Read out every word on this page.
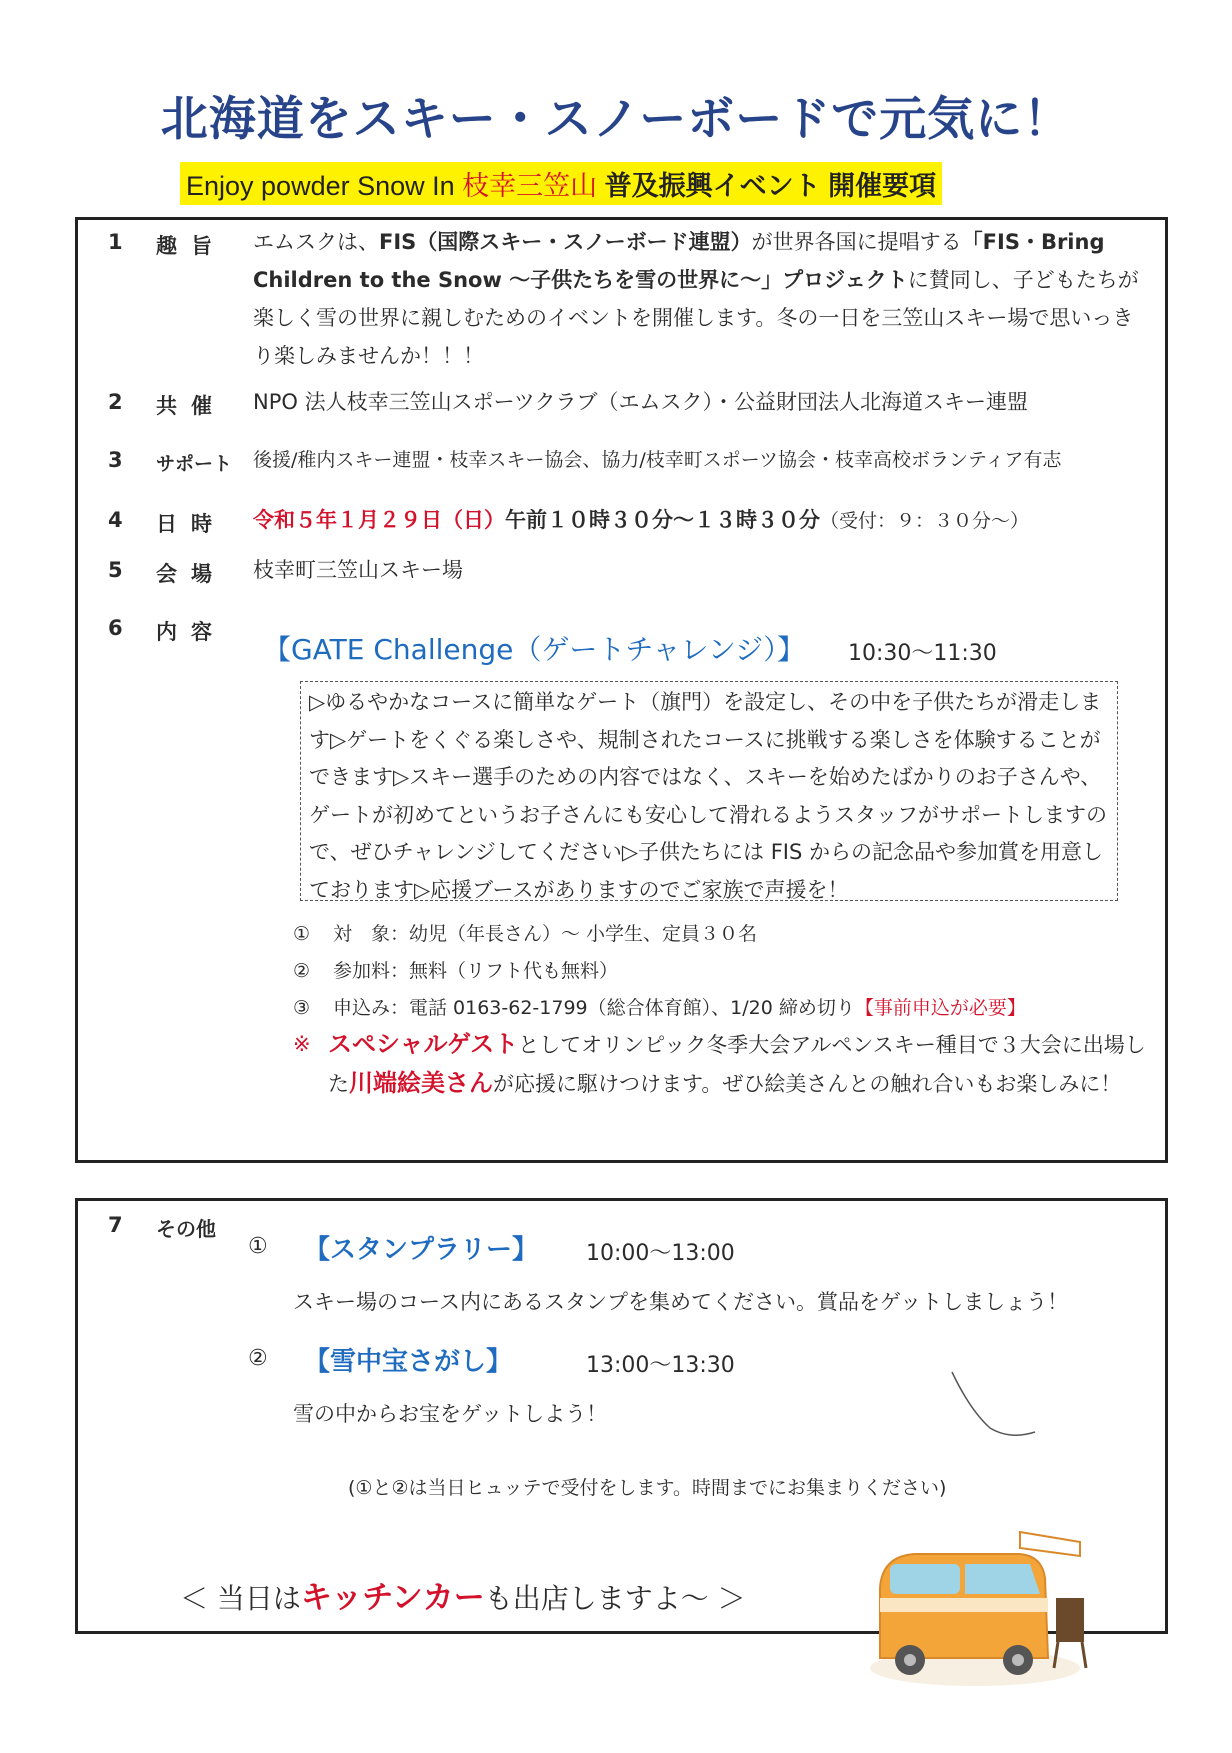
北海道をスキー・スノーボードで元気に！
Enjoy powder Snow In 枝幸三笠山 普及振興イベント 開催要項
1 趣旨	エムスクは、FIS（国際スキー・スノーボード連盟）が世界各国に提唱する「FIS・Bring Children to the Snow ～子供たちを雪の世界に～」プロジェクトに賛同し、子どもたちが楽しく雪の世界に親しむためのイベントを開催します。冬の一日を三笠山スキー場で思いっきり楽しみませんか！！！
2 共催	NPO 法人枝幸三笠山スポーツクラブ（エムスク）・公益財団法人北海道スキー連盟
3 サポート	後援/稚内スキー連盟・枝幸スキー協会、協力/枝幸町スポーツ協会・枝幸高校ボランティア有志
4 日時	令和５年１月２９日（日）午前１０時３０分～１３時３０分（受付：９：３０分～）
5 会場	枝幸町三笠山スキー場
6 内容
【GATE Challenge（ゲートチャレンジ）】 10:30～11:30
▷ゆるやかなコースに簡単なゲート（旗門）を設定し、その中を子供たちが滑走します▷ゲートをくぐる楽しさや、規制されたコースに挑戦する楽しさを体験することができます▷スキー選手のための内容ではなく、スキーを始めたばかりのお子さんや、ゲートが初めてというお子さんにも安心して滑れるようスタッフがサポートしますので、ぜひチャレンジしてください▷子供たちには FIS からの記念品や参加賞を用意しております▷応援ブースがありますのでご家族で声援を！
① 対　象：幼児（年長さん）～ 小学生、定員３０名
② 参加料：無料（リフト代も無料）
③ 申込み：電話 0163-62-1799（総合体育館）、1/20 締め切り【事前申込が必要】
※ スペシャルゲストとしてオリンピック冬季大会アルペンスキー種目で３大会に出場した川端絵美さんが応援に駆けつけます。ぜひ絵美さんとの触れ合いもお楽しみに！
7 その他
① 【スタンプラリー】 10:00～13:00
スキー場のコース内にあるスタンプを集めてください。賞品をゲットしましょう！
② 【雪中宝さがし】	13:00～13:30
雪の中からお宝をゲットしよう！
(①と②は当日ヒュッテで受付をします。時間までにお集まりください)
＜ 当日はキッチンカーも出店しますよ～ ＞
